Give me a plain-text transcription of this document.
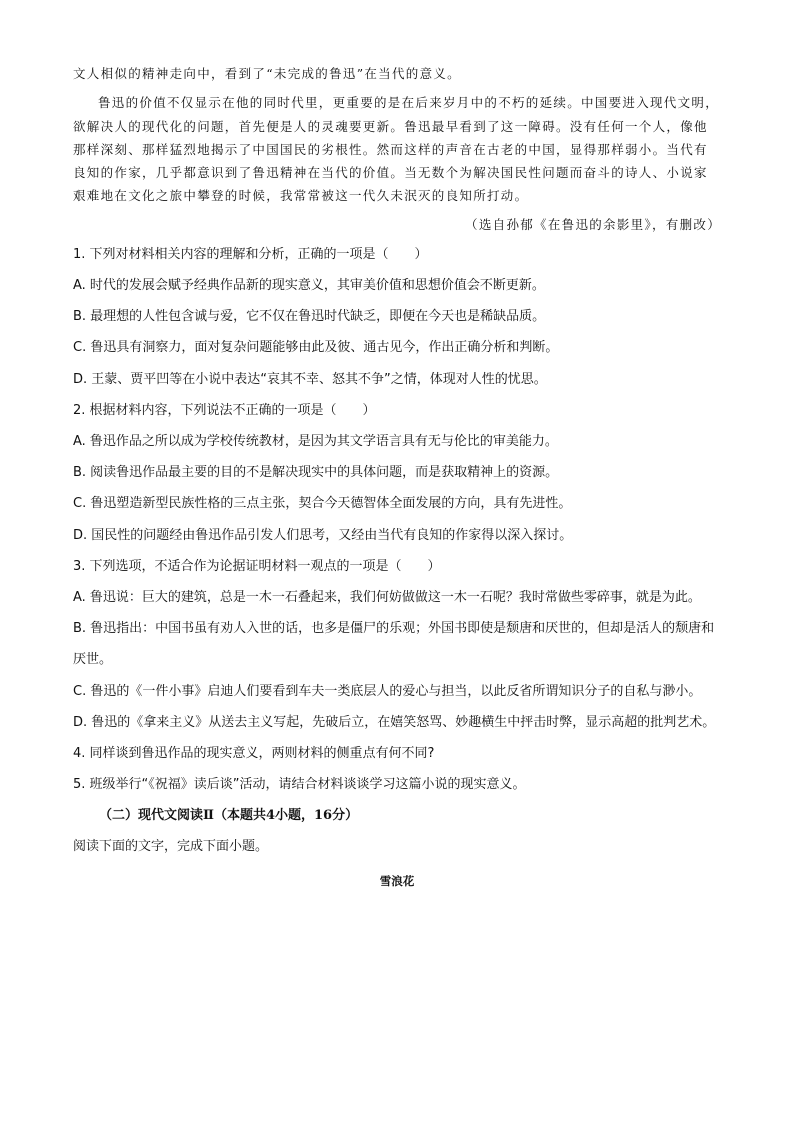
文人相似的精神走向中，看到了“未完成的鲁迅”在当代的意义。

鲁迅的价值不仅显示在他的同时代里，更重要的是在后来岁月中的不朽的延续。中国要进入现代文明，欲解决人的现代化的问题，首先便是人的灵魂要更新。鲁迅最早看到了这一障碍。没有任何一个人，像他那样深刻、那样猛烈地揭示了中国国民的劣根性。然而这样的声音在古老的中国，显得那样弱小。当代有良知的作家，几乎都意识到了鲁迅精神在当代的价值。当无数个为解决国民性问题而奋斗的诗人、小说家艰难地在文化之旅中攀登的时候，我常常被这一代久未泯灭的良知所打动。

（选自孙郁《在鲁迅的余影里》，有删改）

1. 下列对材料相关内容的理解和分析，正确的一项是（　　）

A. 时代的发展会赋予经典作品新的现实意义，其审美价值和思想价值会不断更新。

B. 最理想的人性包含诚与爱，它不仅在鲁迅时代缺乏，即便在今天也是稀缺品质。

C. 鲁迅具有洞察力，面对复杂问题能够由此及彼、通古见今，作出正确分析和判断。

D. 王蒙、贾平凹等在小说中表达“哀其不幸、怒其不争”之情，体现对人性的忧思。

2. 根据材料内容，下列说法不正确的一项是（　　）

A. 鲁迅作品之所以成为学校传统教材，是因为其文学语言具有无与伦比的审美能力。

B. 阅读鲁迅作品最主要的目的不是解决现实中的具体问题，而是获取精神上的资源。

C. 鲁迅塑造新型民族性格的三点主张，契合今天德智体全面发展的方向，具有先进性。

D. 国民性的问题经由鲁迅作品引发人们思考，又经由当代有良知的作家得以深入探讨。

3. 下列选项，不适合作为论据证明材料一观点的一项是（　　）

A. 鲁迅说：巨大的建筑，总是一木一石叠起来，我们何妨做做这一木一石呢？我时常做些零碎事，就是为此。

B. 鲁迅指出：中国书虽有劝人入世的话，也多是僵尸的乐观；外国书即使是颓唐和厌世的，但却是活人的颓唐和厌世。

C. 鲁迅的《一件小事》启迪人们要看到车夫一类底层人的爱心与担当，以此反省所谓知识分子的自私与渺小。

D. 鲁迅的《拿来主义》从送去主义写起，先破后立，在嬉笑怒骂、妙趣横生中抨击时弊，显示高超的批判艺术。

4. 同样谈到鲁迅作品的现实意义，两则材料的侧重点有何不同?

5. 班级举行“《祝福》读后谈”活动，请结合材料谈谈学习这篇小说的现实意义。

（二）现代文阅读Ⅱ（本题共4小题，16分）

阅读下面的文字，完成下面小题。

雪浪花
